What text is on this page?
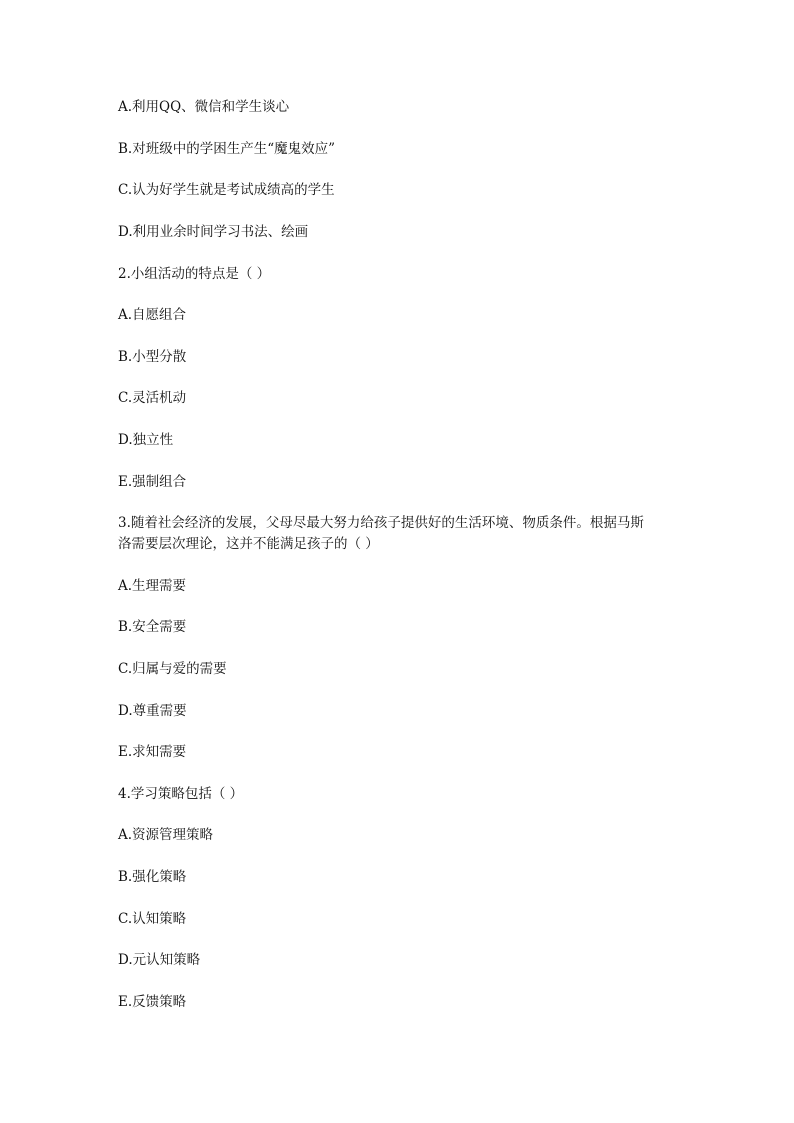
A.利用QQ、微信和学生谈心
B.对班级中的学困生产生“魔鬼效应”
C.认为好学生就是考试成绩高的学生
D.利用业余时间学习书法、绘画
2.小组活动的特点是（ ）
A.自愿组合
B.小型分散
C.灵活机动
D.独立性
E.强制组合
3.随着社会经济的发展，父母尽最大努力给孩子提供好的生活环境、物质条件。根据马斯
洛需要层次理论，这并不能满足孩子的（ ）
A.生理需要
B.安全需要
C.归属与爱的需要
D.尊重需要
E.求知需要
4.学习策略包括（ ）
A.资源管理策略
B.强化策略
C.认知策略
D.元认知策略
E.反馈策略
